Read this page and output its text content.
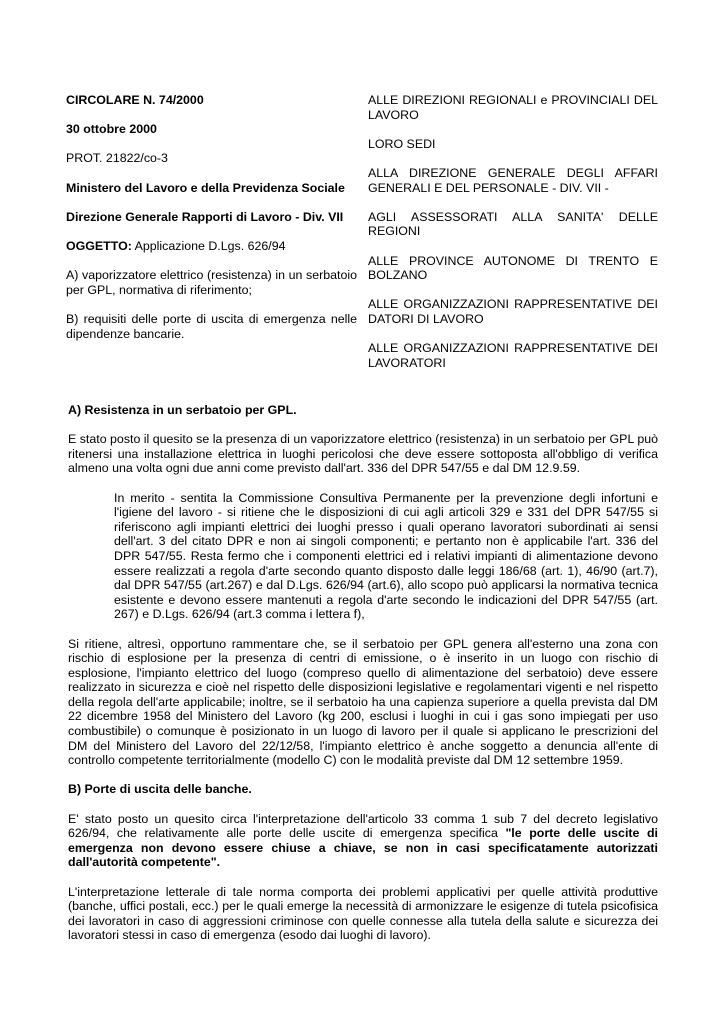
CIRCOLARE N. 74/2000

30 ottobre 2000

PROT. 21822/co-3

Ministero del Lavoro e della Previdenza Sociale

Direzione Generale Rapporti di Lavoro - Div. VII

OGGETTO: Applicazione D.Lgs. 626/94

A) vaporizzatore elettrico (resistenza) in un serbatoio per GPL, normativa di riferimento;

B) requisiti delle porte di uscita di emergenza nelle dipendenze bancarie.

ALLE DIREZIONI REGIONALI e PROVINCIALI DEL LAVORO

LORO SEDI

ALLA DIREZIONE GENERALE DEGLI AFFARI GENERALI E DEL PERSONALE - DIV. VII -

AGLI ASSESSORATI ALLA SANITA' DELLE REGIONI

ALLE PROVINCE AUTONOME DI TRENTO E BOLZANO

ALLE ORGANIZZAZIONI RAPPRESENTATIVE DEI DATORI DI LAVORO

ALLE ORGANIZZAZIONI RAPPRESENTATIVE DEI LAVORATORI

A) Resistenza in un serbatoio per GPL.

E stato posto il quesito se la presenza di un vaporizzatore elettrico (resistenza) in un serbatoio per GPL può ritenersi una installazione elettrica in luoghi pericolosi che deve essere sottoposta all'obbligo di verifica almeno una volta ogni due anni come previsto dall'art. 336 del DPR 547/55 e dal DM 12.9.59.

In merito - sentita la Commissione Consultiva Permanente per la prevenzione degli infortuni e l'igiene del lavoro - si ritiene che le disposizioni di cui agli articoli 329 e 331 del DPR 547/55 si riferiscono agli impianti elettrici dei luoghi presso i quali operano lavoratori subordinati ai sensi dell'art. 3 del citato DPR e non ai singoli componenti; e pertanto non è applicabile l'art. 336 del DPR 547/55. Resta fermo che i componenti elettrici ed i relativi impianti di alimentazione devono essere realizzati a regola d'arte secondo quanto disposto dalle leggi 186/68 (art. 1), 46/90 (art.7), dal DPR 547/55 (art.267) e dal D.Lgs. 626/94 (art.6), allo scopo può applicarsi la normativa tecnica esistente e devono essere mantenuti a regola d'arte secondo le indicazioni del DPR 547/55 (art. 267) e D.Lgs. 626/94 (art.3 comma i lettera f),

Si ritiene, altresì, opportuno rammentare che, se il serbatoio per GPL genera all'esterno una zona con rischio di esplosione per la presenza di centri di emissione, o è inserito in un luogo con rischio di esplosione, l'impianto elettrico del luogo (compreso quello di alimentazione del serbatoio) deve essere realizzato in sicurezza e cioè nel rispetto delle disposizioni legislative e regolamentari vigenti e nel rispetto della regola dell'arte applicabile; inoltre, se il serbatoio ha una capienza superiore a quella prevista dal DM 22 dicembre 1958 del Ministero del Lavoro (kg 200, esclusi i luoghi in cui i gas sono impiegati per uso combustibile) o comunque è posizionato in un luogo di lavoro per il quale si applicano le prescrizioni del DM del Ministero del Lavoro del 22/12/58, l'impianto elettrico è anche soggetto a denuncia all'ente di controllo competente territorialmente (modello C) con le modalità previste dal DM 12 settembre 1959.

B) Porte di uscita delle banche.

E' stato posto un quesito circa l'interpretazione dell'articolo 33 comma 1 sub 7 del decreto legislativo 626/94, che relativamente alle porte delle uscite di emergenza specifica "le porte delle uscite di emergenza non devono essere chiuse a chiave, se non in casi specificatamente autorizzati dall'autorità competente".

L'interpretazione letterale di tale norma comporta dei problemi applicativi per quelle attività produttive (banche, uffici postali, ecc.) per le quali emerge la necessità di armonizzare le esigenze di tutela psicofisica dei lavoratori in caso di aggressioni criminose con quelle connesse alla tutela della salute e sicurezza dei lavoratori stessi in caso di emergenza (esodo dai luoghi di lavoro).
